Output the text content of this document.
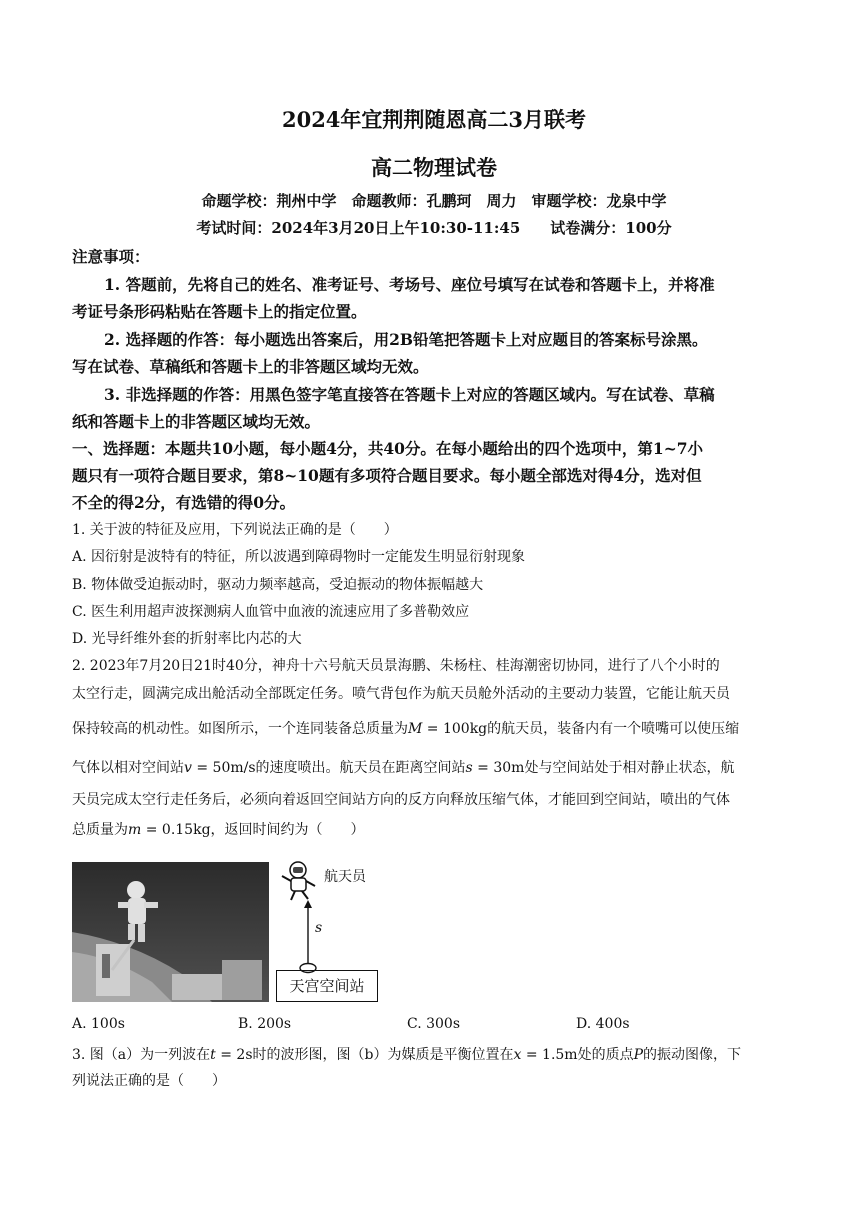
2024年宜荆荆随恩高二3月联考
高二物理试卷
命题学校：荆州中学　命题教师：孔鹏珂　周力　审题学校：龙泉中学
考试时间：2024年3月20日上午10:30-11:45　　试卷满分：100分
注意事项：
1. 答题前，先将自己的姓名、准考证号、考场号、座位号填写在试卷和答题卡上，并将准
考证号条形码粘贴在答题卡上的指定位置。
2. 选择题的作答：每小题选出答案后，用2B铅笔把答题卡上对应题目的答案标号涂黑。
写在试卷、草稿纸和答题卡上的非答题区域均无效。
3. 非选择题的作答：用黑色签字笔直接答在答题卡上对应的答题区域内。写在试卷、草稿
纸和答题卡上的非答题区域均无效。
一、选择题：本题共10小题，每小题4分，共40分。在每小题给出的四个选项中，第1~7小
题只有一项符合题目要求，第8~10题有多项符合题目要求。每小题全部选对得4分，选对但
不全的得2分，有选错的得0分。
1. 关于波的特征及应用，下列说法正确的是（　　）
A. 因衍射是波特有的特征，所以波遇到障碍物时一定能发生明显衍射现象
B. 物体做受迫振动时，驱动力频率越高，受迫振动的物体振幅越大
C. 医生利用超声波探测病人血管中血液的流速应用了多普勒效应
D. 光导纤维外套的折射率比内芯的大
2. 2023年7月20日21时40分，神舟十六号航天员景海鹏、朱杨柱、桂海潮密切协同，进行了八个小时的
太空行走，圆满完成出舱活动全部既定任务。喷气背包作为航天员舱外活动的主要动力装置，它能让航天员
保持较高的机动性。如图所示，一个连同装备总质量为M = 100kg的航天员，装备内有一个喷嘴可以使压缩
气体以相对空间站v = 50m/s的速度喷出。航天员在距离空间站s = 30m处与空间站处于相对静止状态，航
天员完成太空行走任务后，必须向着返回空间站方向的反方向释放压缩气体，才能回到空间站，喷出的气体
总质量为m = 0.15kg，返回时间约为（　　）
航天员
s
天宫空间站
A. 100s	B. 200s	C. 300s	D. 400s
3. 图（a）为一列波在t = 2s时的波形图，图（b）为媒质是平衡位置在x = 1.5m处的质点P的振动图像，下
列说法正确的是（　　）
